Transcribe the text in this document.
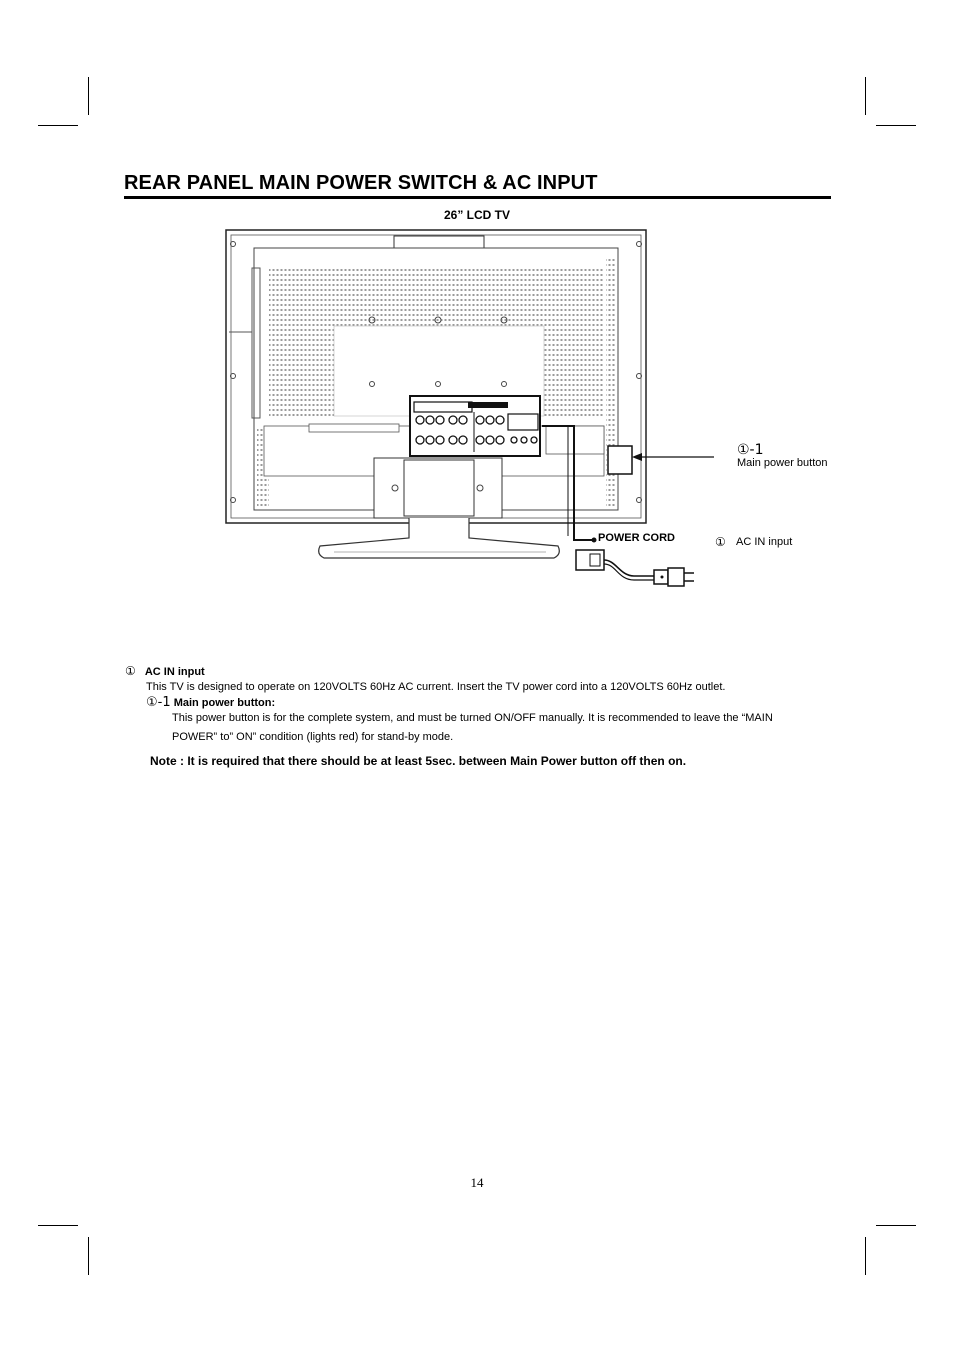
REAR PANEL MAIN POWER SWITCH & AC INPUT
26” LCD TV
①-1
Main power button
POWER CORD	① AC IN input
① AC IN input
This TV is designed to operate on 120VOLTS 60Hz AC current. Insert the TV power cord into a 120VOLTS 60Hz outlet.
①-1 Main power button:
This power button is for the complete system, and must be turned ON/OFF manually. It is recommended to leave the “MAIN
POWER” to” ON” condition (lights red) for stand-by mode.
Note : It is required that there should be at least 5sec. between Main Power button off then on.
14
